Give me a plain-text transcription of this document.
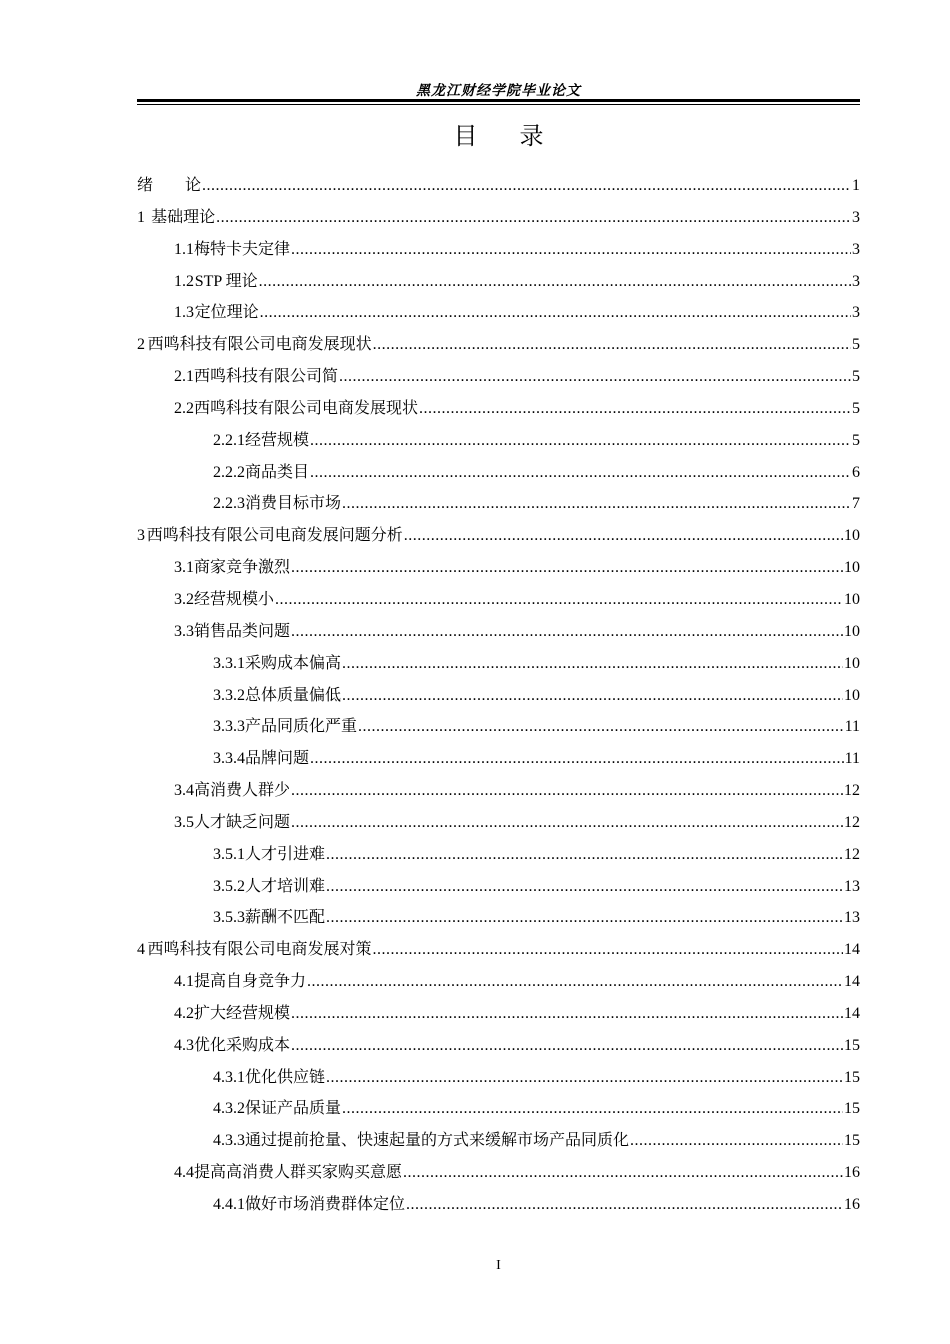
黑龙江财经学院毕业论文
目录
绪　　论 .....	1
1 基础理论 .....	3
1.1 梅特卡夫定律 .....	3
1.2 STP 理论 .....	3
1.3 定位理论 .....	3
2 西鸣科技有限公司电商发展现状 .....	5
2.1 西鸣科技有限公司简 .....	5
2.2 西鸣科技有限公司电商发展现状 .....	5
2.2.1 经营规模 .....	5
2.2.2 商品类目 .....	6
2.2.3 消费目标市场 .....	7
3 西鸣科技有限公司电商发展问题分析 .....	10
3.1 商家竞争激烈 .....	10
3.2 经营规模小 .....	10
3.3 销售品类问题 .....	10
3.3.1 采购成本偏高 .....	10
3.3.2 总体质量偏低 .....	10
3.3.3 产品同质化严重 .....	11
3.3.4 品牌问题 .....	11
3.4 高消费人群少 .....	12
3.5 人才缺乏问题 .....	12
3.5.1 人才引进难 .....	12
3.5.2 人才培训难 .....	13
3.5.3 薪酬不匹配 .....	13
4 西鸣科技有限公司电商发展对策 .....	14
4.1 提高自身竞争力 .....	14
4.2 扩大经营规模 .....	14
4.3 优化采购成本 .....	15
4.3.1 优化供应链 .....	15
4.3.2 保证产品质量 .....	15
4.3.3 通过提前抢量、快速起量的方式来缓解市场产品同质化 .....	15
4.4 提高高消费人群买家购买意愿 .....	16
4.4.1 做好市场消费群体定位 .....	16
I
